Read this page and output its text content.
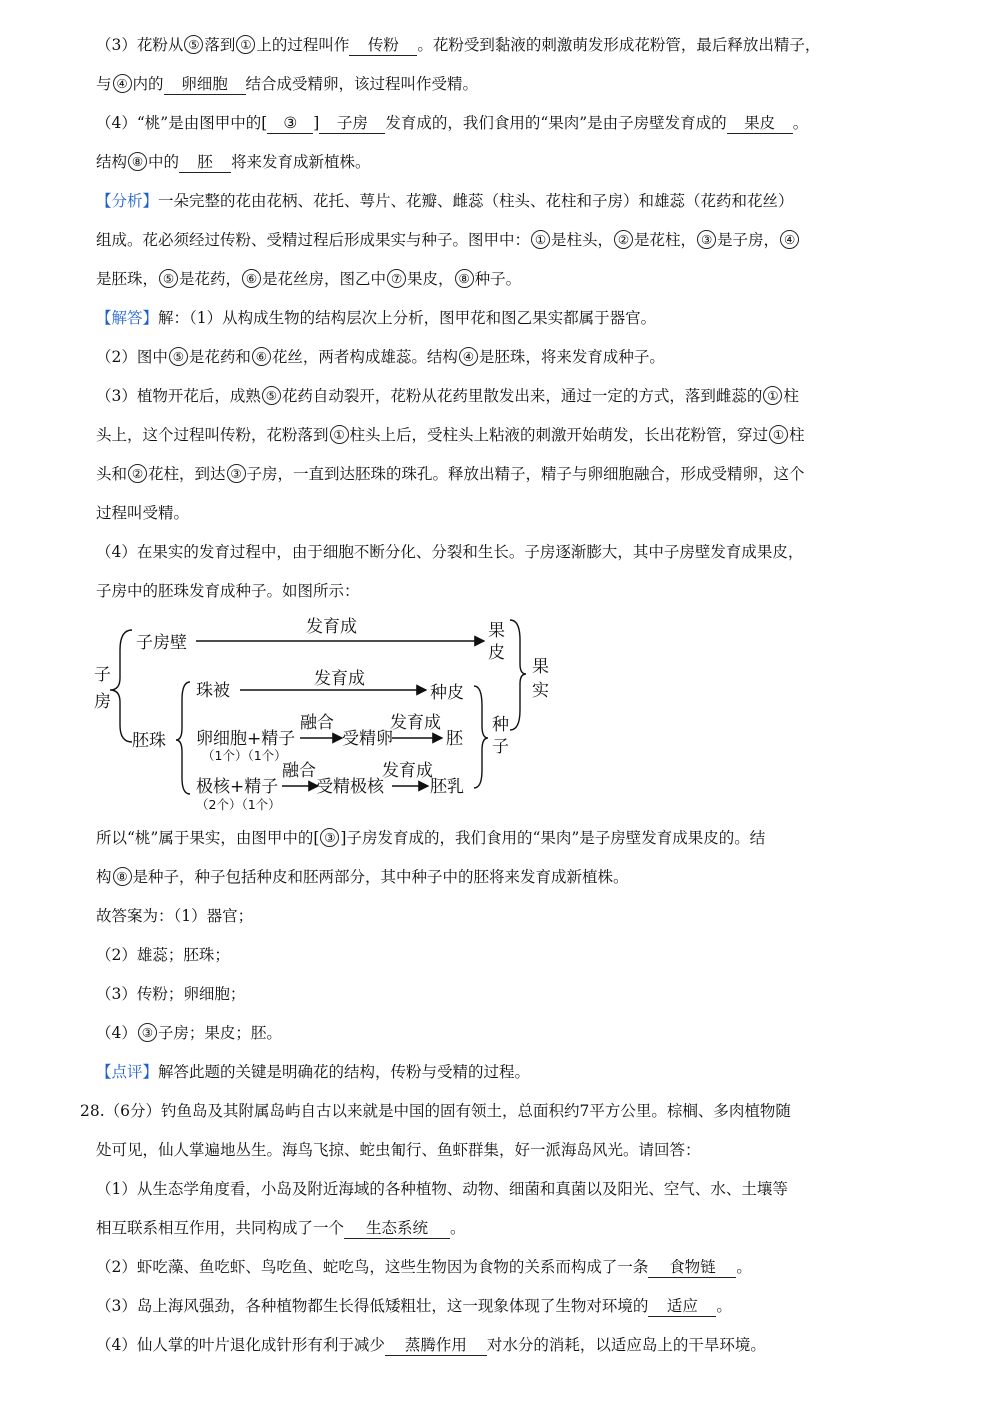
（3）花粉从 ⑤ 落到 ① 上的过程叫作 传粉 。花粉受到黏液的刺激萌发形成花粉管，最后释放出精子，
与 ④ 内的 卵细胞 结合成受精卵，该过程叫作受精。
（4）“桃”是由图甲中的[ ③ ] 子房 发育成的，我们食用的“果肉”是由子房壁发育成的 果皮 。
结构 ⑧ 中的 胚 将来发育成新植株。
【分析】一朵完整的花由花柄、花托、萼片、花瓣、雌蕊（柱头、花柱和子房）和雄蕊（花药和花丝）
组成。花必须经过传粉、受精过程后形成果实与种子。图甲中： ① 是柱头， ② 是花柱， ③ 是子房， ④
是胚珠， ⑤ 是花药， ⑥ 是花丝房，图乙中 ⑦ 果皮， ⑧ 种子。
【解答】解：（1）从构成生物的结构层次上分析，图甲花和图乙果实都属于器官。
（2）图中 ⑤ 是花药和 ⑥ 花丝，两者构成雄蕊。结构 ④ 是胚珠，将来发育成种子。
（3）植物开花后，成熟 ⑤ 花药自动裂开，花粉从花药里散发出来，通过一定的方式，落到雌蕊的 ① 柱
头上，这个过程叫传粉，花粉落到 ① 柱头上后，受柱头上粘液的刺激开始萌发，长出花粉管，穿过 ① 柱
头和 ② 花柱，到达 ③ 子房，一直到达胚珠的珠孔。释放出精子，精子与卵细胞融合，形成受精卵，这个
过程叫受精。
（4）在果实的发育过程中，由于细胞不断分化、分裂和生长。子房逐渐膨大，其中子房壁发育成果皮，
子房中的胚珠发育成种子。如图所示：
子
房
子房壁
发育成	果
皮
果
实
胚珠
珠被
发育成
种皮
卵细胞+精子
（1个）（1个）
融合
受精卵
发育成
胚
种
子
融合
极核+精子
（2个）（1个）
受精极核
发育成
胚乳
所以“桃”属于果实，由图甲中的[ ③ ]子房发育成的，我们食用的“果肉”是子房壁发育成果皮的。结
构 ⑧ 是种子，种子包括种皮和胚两部分，其中种子中的胚将来发育成新植株。
故答案为：（1）器官；
（2）雄蕊；胚珠；
（3）传粉；卵细胞；
（4） ③ 子房；果皮；胚。
【点评】解答此题的关键是明确花的结构，传粉与受精的过程。
28.（6分）钓鱼岛及其附属岛屿自古以来就是中国的固有领土，总面积约7平方公里。棕榈、多肉植物随
处可见，仙人掌遍地丛生。海鸟飞掠、蛇虫匍行、鱼虾群集，好一派海岛风光。请回答：
（1）从生态学角度看，小岛及附近海域的各种植物、动物、细菌和真菌以及阳光、空气、水、土壤等
相互联系相互作用，共同构成了一个 生态系统 。
（2）虾吃藻、鱼吃虾、鸟吃鱼、蛇吃鸟，这些生物因为食物的关系而构成了一条 食物链 。
（3）岛上海风强劲，各种植物都生长得低矮粗壮，这一现象体现了生物对环境的 适应 。
（4）仙人掌的叶片退化成针形有利于减少 蒸腾作用 对水分的消耗，以适应岛上的干旱环境。
